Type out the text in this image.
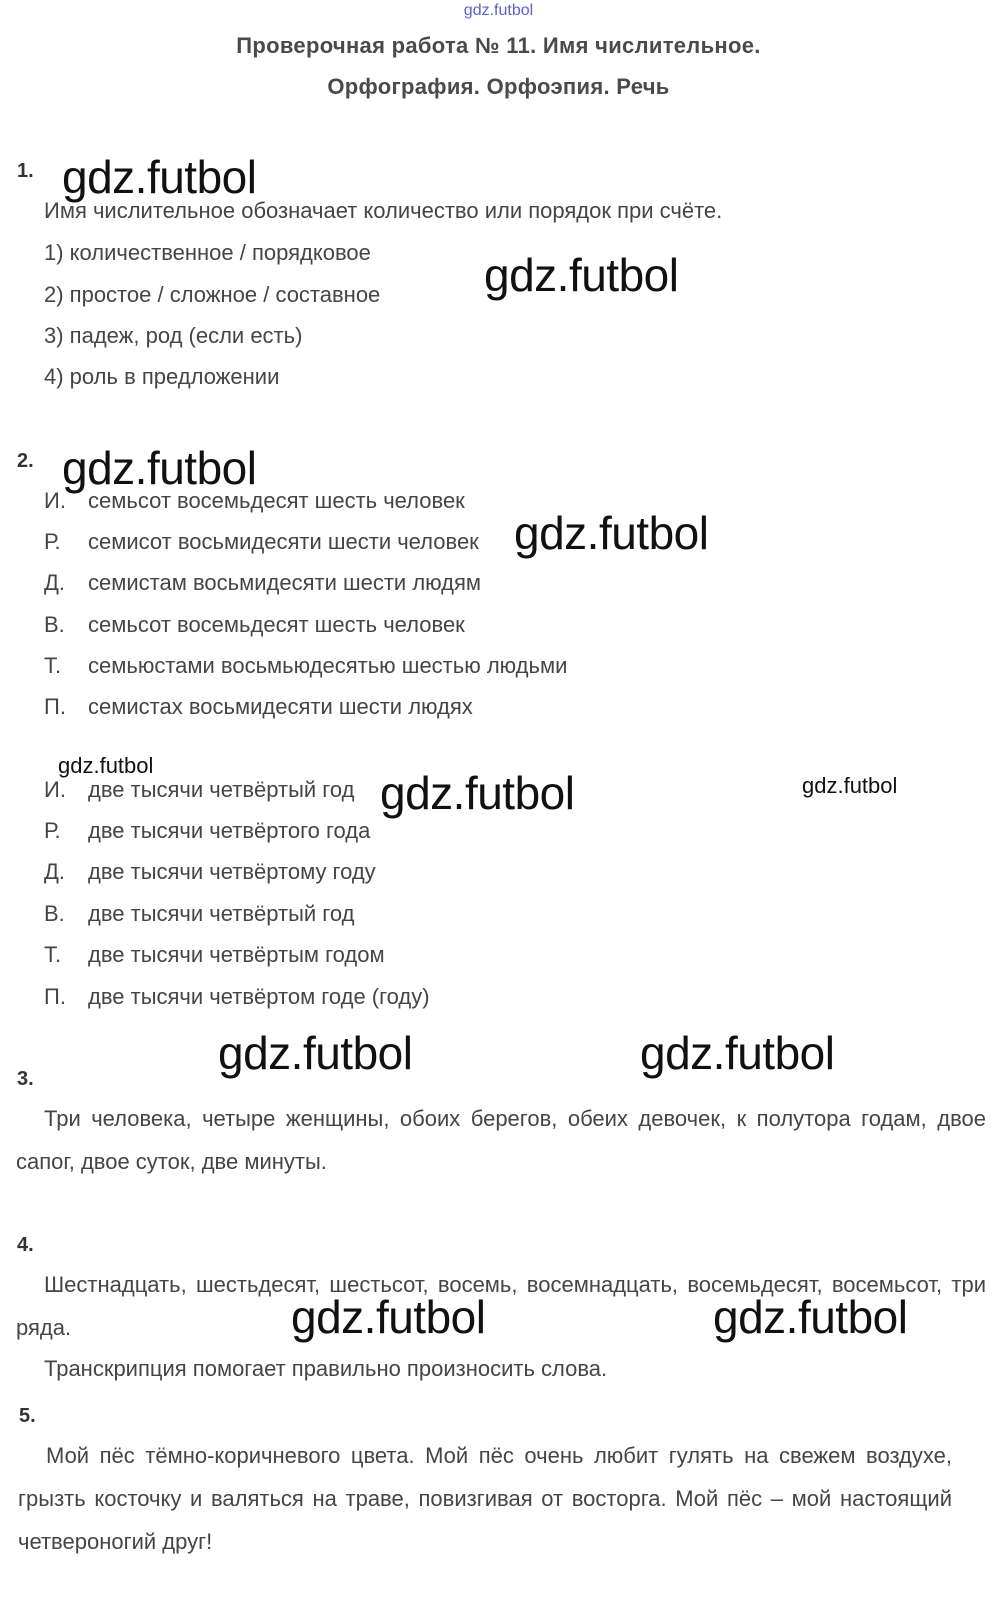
gdz.futbol
Проверочная работа № 11. Имя числительное.
Орфография. Орфоэпия. Речь
1.
Имя числительное обозначает количество или порядок при счёте.
1) количественное / порядковое
2) простое / сложное / составное
3) падеж, род (если есть)
4) роль в предложении
2.
И. семьсот восемьдесят шесть человек
Р. семисот восьмидесяти шести человек
Д. семистам восьмидесяти шести людям
В. семьсот восемьдесят шесть человек
Т. семьюстами восьмьюдесятью шестью людьми
П. семистах восьмидесяти шести людях
И. две тысячи четвёртый год
Р. две тысячи четвёртого года
Д. две тысячи четвёртому году
В. две тысячи четвёртый год
Т. две тысячи четвёртым годом
П. две тысячи четвёртом годе (году)
3.
Три человека, четыре женщины, обоих берегов, обеих девочек, к полутора годам, двое сапог, двое суток, две минуты.
4.
Шестнадцать, шестьдесят, шестьсот, восемь, восемнадцать, восемьдесят, восемьсот, три ряда.
Транскрипция помогает правильно произносить слова.
5.
Мой пёс тёмно-коричневого цвета. Мой пёс очень любит гулять на свежем воздухе, грызть косточку и валяться на траве, повизгивая от восторга. Мой пёс – мой настоящий четвероногий друг!
gdz.futbol
gdz.futbol
gdz.futbol
gdz.futbol
gdz.futbol
gdz.futbol	gdz.futbol
gdz.futbol	gdz.futbol
gdz.futbol	gdz.futbol
